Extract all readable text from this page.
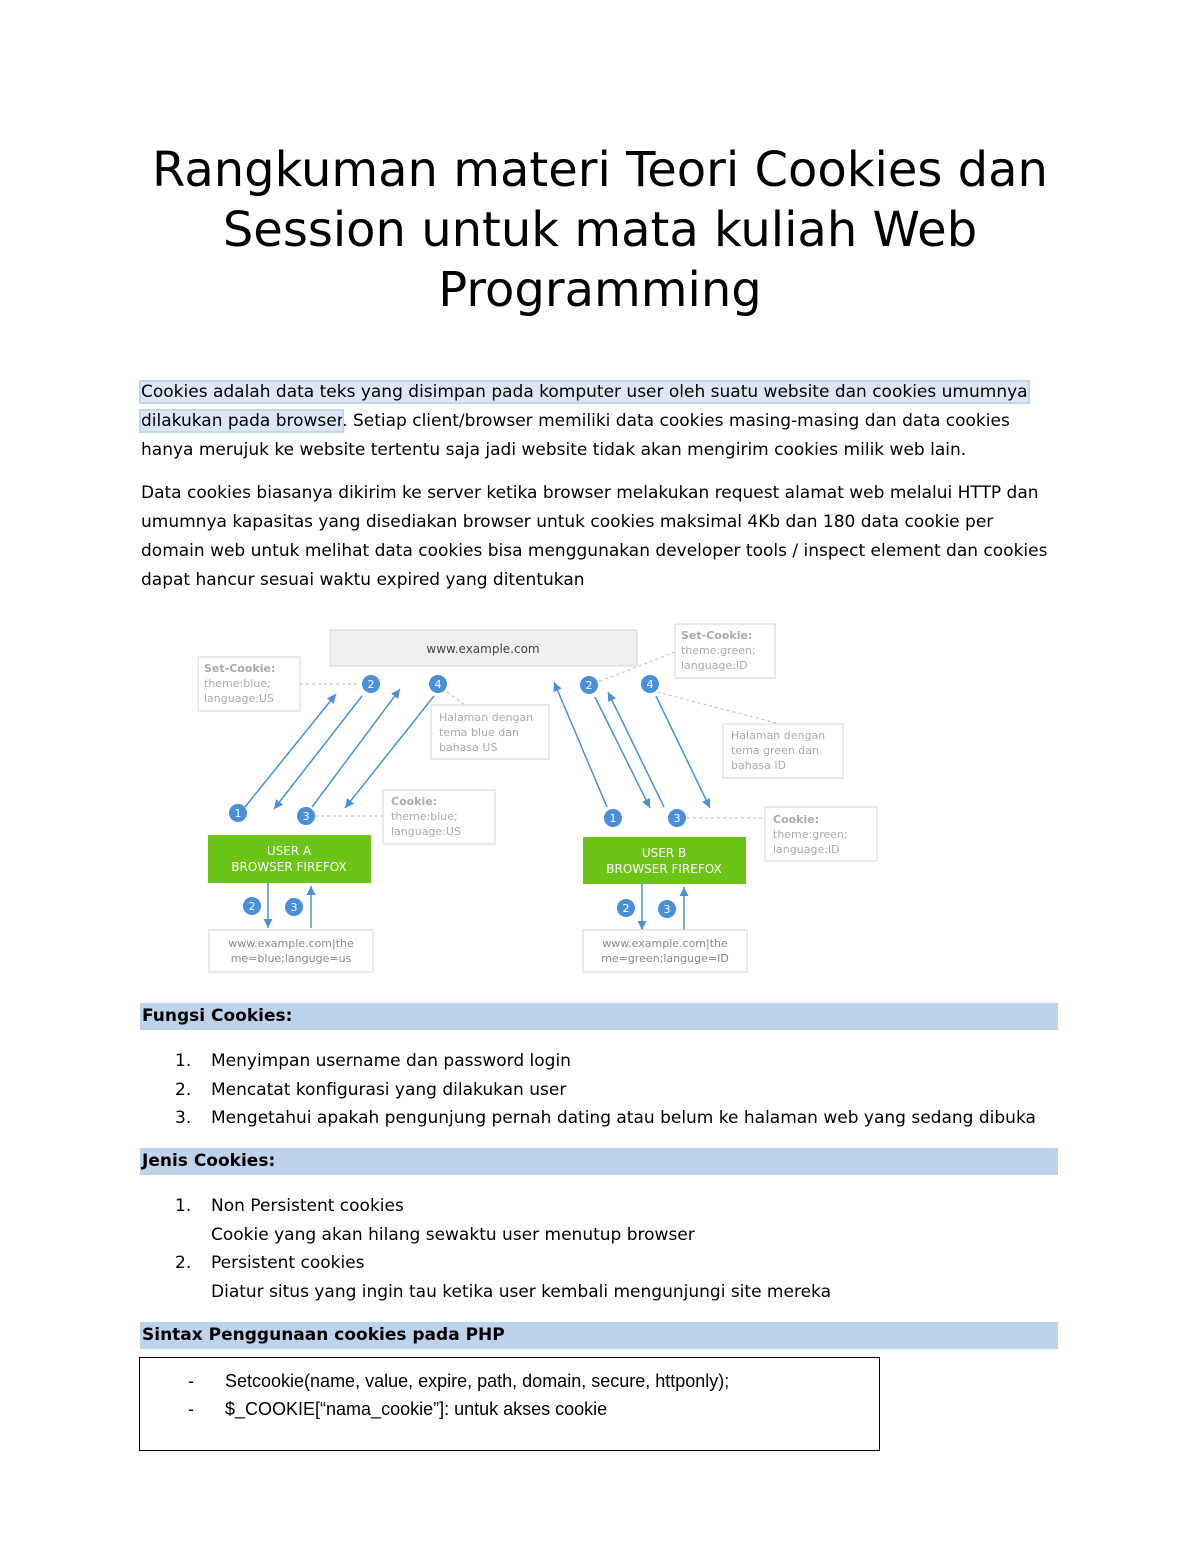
Rangkuman materi Teori Cookies dan Session untuk mata kuliah Web Programming

Cookies adalah data teks yang disimpan pada komputer user oleh suatu website dan cookies umumnya dilakukan pada browser. Setiap client/browser memiliki data cookies masing-masing dan data cookies hanya merujuk ke website tertentu saja jadi website tidak akan mengirim cookies milik web lain.

Data cookies biasanya dikirim ke server ketika browser melakukan request alamat web melalui HTTP dan umumnya kapasitas yang disediakan browser untuk cookies maksimal 4Kb dan 180 data cookie per domain web untuk melihat data cookies bisa menggunakan developer tools / inspect element dan cookies dapat hancur sesuai waktu expired yang ditentukan

www.example.com
Set-Cookie:
theme:blue;
language:US
Halaman dengan
tema blue dan
bahasa US
Cookie:
theme:blue;
language:US
2	4
1	3
USER A
BROWSER FIREFOX
2	3
www.example.com|the
me=blue;languge=us
Set-Cookie:
theme:green;
language:ID
Halaman dengan
tema green dan
bahasa ID
Cookie:
theme:green;
language:ID
2	4
1	3
USER B
BROWSER FIREFOX
2	3
www.example.com|the
me=green;languge=ID
Fungsi Cookies:
1. Menyimpan username dan password login
2. Mencatat konfigurasi yang dilakukan user
3. Mengetahui apakah pengunjung pernah dating atau belum ke halaman web yang sedang dibuka
Jenis Cookies:
1. Non Persistent cookies
Cookie yang akan hilang sewaktu user menutup browser
2. Persistent cookies
Diatur situs yang ingin tau ketika user kembali mengunjungi site mereka
Sintax Penggunaan cookies pada PHP
- Setcookie(name, value, expire, path, domain, secure, httponly);
- $_COOKIE[“nama_cookie”]: untuk akses cookie
